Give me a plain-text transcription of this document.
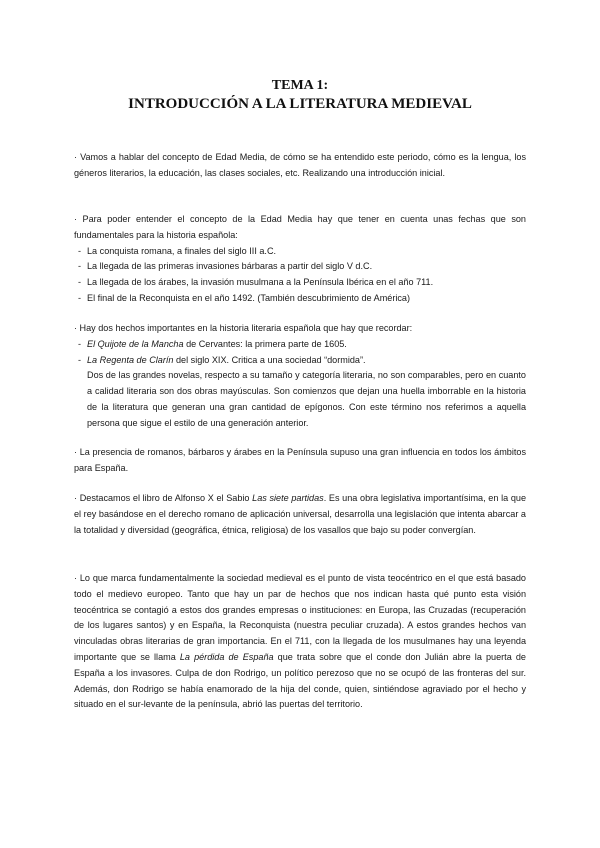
TEMA 1:
INTRODUCCIÓN A LA LITERATURA MEDIEVAL

· Vamos a hablar del concepto de Edad Media, de cómo se ha entendido este periodo, cómo es la lengua, los géneros literarios, la educación, las clases sociales, etc. Realizando una introducción inicial.

· Para poder entender el concepto de la Edad Media hay que tener en cuenta unas fechas que son fundamentales para la historia española:

- La conquista romana, a finales del siglo III a.C.
- La llegada de las primeras invasiones bárbaras a partir del siglo V d.C.
- La llegada de los árabes, la invasión musulmana a la Península Ibérica en el año 711.
- El final de la Reconquista en el año 1492. (También descubrimiento de América)

· Hay dos hechos importantes en la historia literaria española que hay que recordar:

- El Quijote de la Mancha de Cervantes: la primera parte de 1605.
- La Regenta de Clarín del siglo XIX. Critica a una sociedad “dormida”.

Dos de las grandes novelas, respecto a su tamaño y categoría literaria, no son comparables, pero en cuanto a calidad literaria son dos obras mayúsculas. Son comienzos que dejan una huella imborrable en la historia de la literatura que generan una gran cantidad de epígonos. Con este término nos referimos a aquella persona que sigue el estilo de una generación anterior.

· La presencia de romanos, bárbaros y árabes en la Península supuso una gran influencia en todos los ámbitos para España.

· Destacamos el libro de Alfonso X el Sabio Las siete partidas. Es una obra legislativa importantísima, en la que el rey basándose en el derecho romano de aplicación universal, desarrolla una legislación que intenta abarcar a la totalidad y diversidad (geográfica, étnica, religiosa) de los vasallos que bajo su poder convergían.

· Lo que marca fundamentalmente la sociedad medieval es el punto de vista teocéntrico en el que está basado todo el medievo europeo. Tanto que hay un par de hechos que nos indican hasta qué punto esta visión teocéntrica se contagió a estos dos grandes empresas o instituciones: en Europa, las Cruzadas (recuperación de los lugares santos) y en España, la Reconquista (nuestra peculiar cruzada). A estos grandes hechos van vinculadas obras literarias de gran importancia. En el 711, con la llegada de los musulmanes hay una leyenda importante que se llama La pérdida de España que trata sobre que el conde don Julián abre la puerta de España a los invasores. Culpa de don Rodrigo, un político perezoso que no se ocupó de las fronteras del sur. Además, don Rodrigo se había enamorado de la hija del conde, quien, sintiéndose agraviado por el hecho y situado en el sur-levante de la península, abrió las puertas del territorio.
